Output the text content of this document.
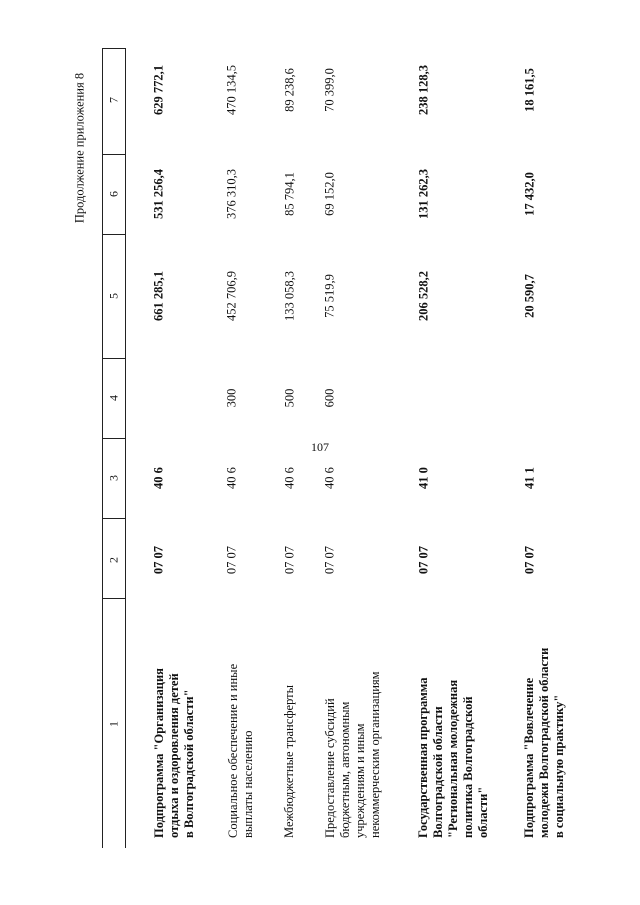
107
Продолжение приложения 8
1
2
3
4
5
6
7
Подпрограмма "Организация отдыха и оздоровления детей в Волгоградской области"
07 07
40 6
661 285,1
531 256,4
629 772,1
Социальное обеспечение и иные выплаты населению
07 07
40 6
300
452 706,9
376 310,3
470 134,5
Межбюджетные трансферты
07 07
40 6
500
133 058,3
85 794,1
89 238,6
Предоставление субсидий бюджетным, автономным учреждениям и иным некоммерческим организациям
07 07
40 6
600
75 519,9
69 152,0
70 399,0
Государственная программа Волгоградской области "Региональная молодежная политика Волгоградской области"
07 07
41 0
206 528,2
131 262,3
238 128,3
Подпрограмма "Вовлечение молодежи Волгоградской области в социальную практику"
07 07
41 1
20 590,7
17 432,0
18 161,5
